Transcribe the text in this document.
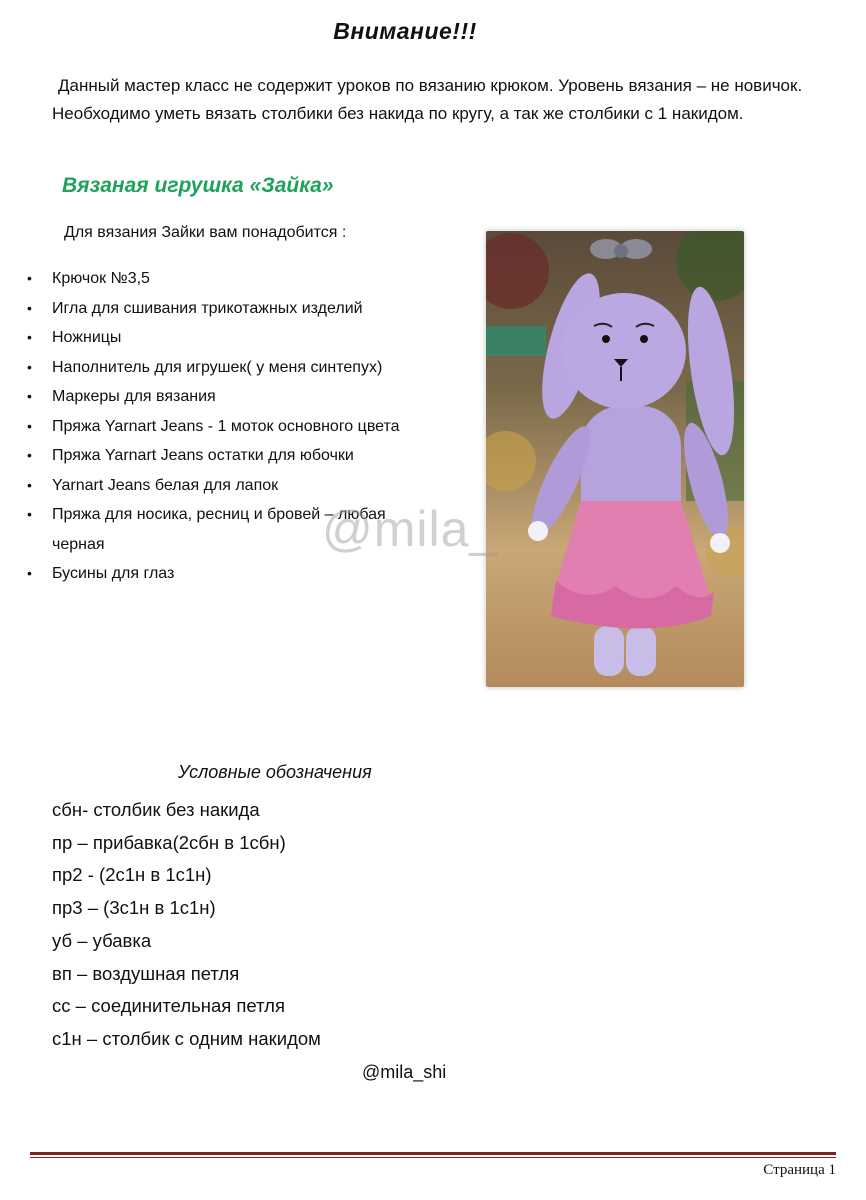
Внимание!!!
Данный мастер класс не содержит уроков по вязанию крюком. Уровень вязания – не новичок. Необходимо уметь вязать столбики без накида по кругу, а так же столбики с 1 накидом.
Вязаная игрушка «Зайка»
Для вязания Зайки вам понадобится :
• Крючок №3,5
• Игла для сшивания трикотажных изделий
• Ножницы
• Наполнитель для игрушек( у меня синтепух)
• Маркеры для вязания
• Пряжа Yarnart Jeans - 1 моток основного цвета
• Пряжа Yarnart Jeans остатки для юбочки
• Yarnart Jeans белая для лапок
• Пряжа для носика, ресниц и бровей – любая черная
• Бусины для глаз
@mila_
Условные обозначения
сбн- столбик без накида
пр – прибавка(2сбн в 1сбн)
пр2 - (2с1н в 1с1н)
пр3 – (3с1н в 1с1н)
уб – убавка
вп – воздушная петля
сс – соединительная петля
с1н – столбик с одним накидом
@mila_shi
Страница 1
